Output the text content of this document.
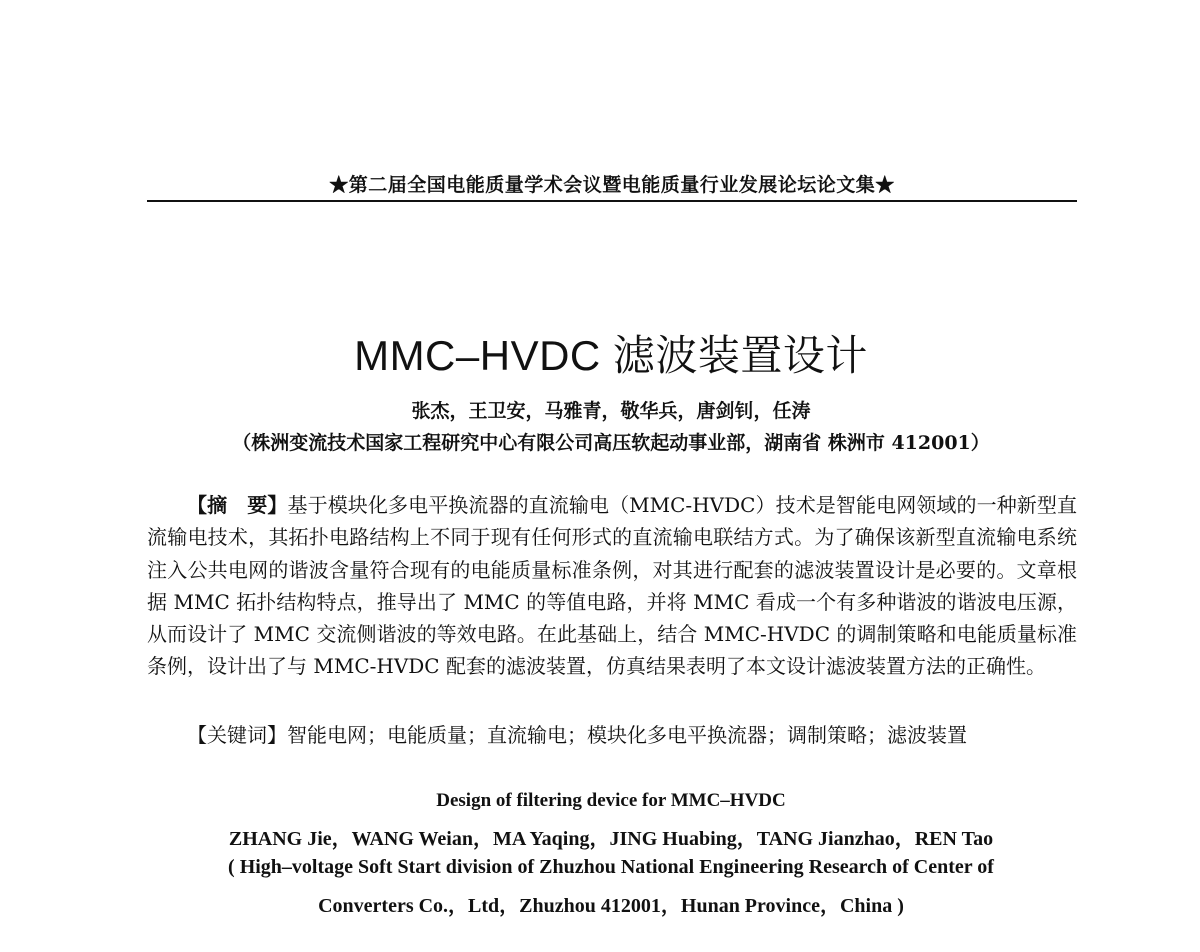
★第二届全国电能质量学术会议暨电能质量行业发展论坛论文集★
MMC–HVDC 滤波装置设计
张杰，王卫安，马雅青，敬华兵，唐剑钊，任涛
（株洲变流技术国家工程研究中心有限公司高压软起动事业部，湖南省 株洲市 412001）

【摘　要】基于模块化多电平换流器的直流输电（MMC-HVDC）技术是智能电网领域的一种新型直流输电技术，其拓扑电路结构上不同于现有任何形式的直流输电联结方式。为了确保该新型直流输电系统注入公共电网的谐波含量符合现有的电能质量标准条例，对其进行配套的滤波装置设计是必要的。文章根据 MMC 拓扑结构特点，推导出了 MMC 的等值电路，并将 MMC 看成一个有多种谐波的谐波电压源，从而设计了 MMC 交流侧谐波的等效电路。在此基础上，结合 MMC-HVDC 的调制策略和电能质量标准条例，设计出了与 MMC-HVDC 配套的滤波装置，仿真结果表明了本文设计滤波装置方法的正确性。

【关键词】智能电网；电能质量；直流输电；模块化多电平换流器；调制策略；滤波装置

Design of filtering device for MMC–HVDC
ZHANG Jie，WANG Weian，MA Yaqing，JING Huabing，TANG Jianzhao，REN Tao
( High–voltage Soft Start division of Zhuzhou National Engineering Research of Center of
Converters Co.，Ltd，Zhuzhou 412001，Hunan Province，China )
